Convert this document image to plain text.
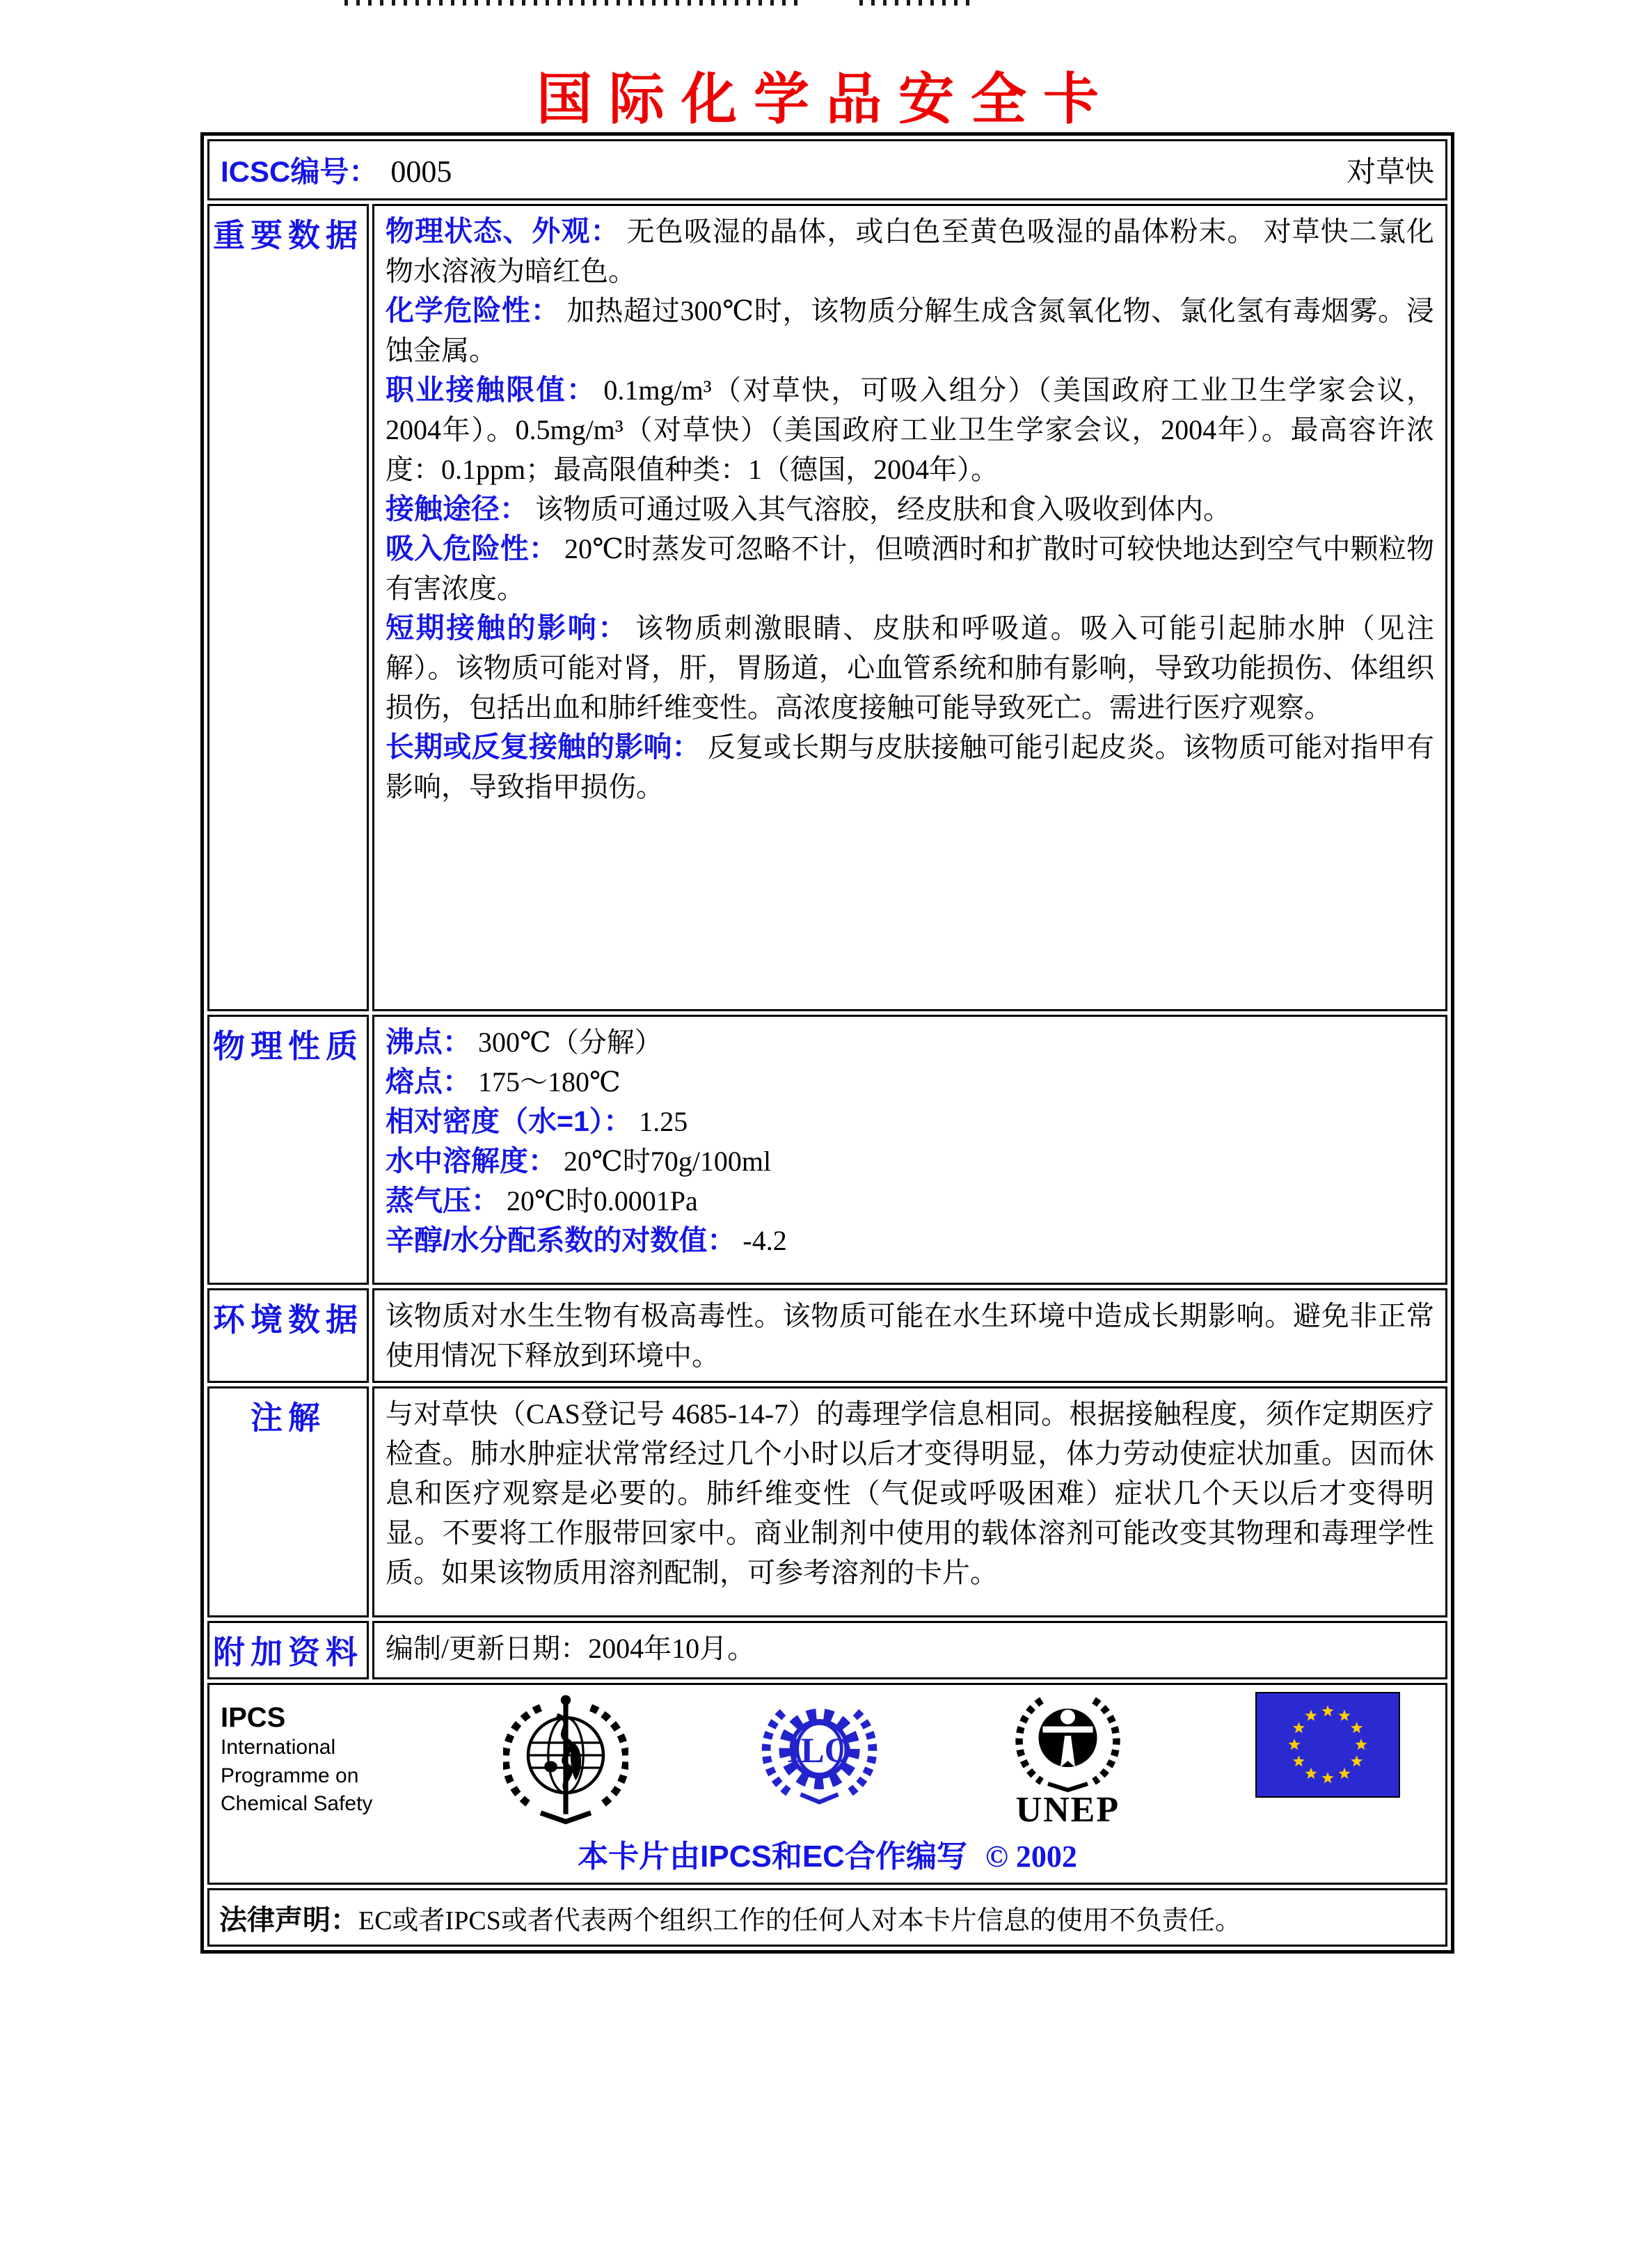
国际化学品安全卡
ICSC编号： 0005 对草快	

重要数据	物理状态、外观： 无色吸湿的晶体，或白色至黄色吸湿的晶体粉末。 对草快二氯化物水溶液为暗红色。

化学危险性： 加热超过300℃时，该物质分解生成含氮氧化物、氯化氢有毒烟雾。浸蚀金属。

职业接触限值： 0.1mg/m³（对草快，可吸入组分）（美国政府工业卫生学家会议，2004年）。0.5mg/m³（对草快）（美国政府工业卫生学家会议，2004年）。最高容许浓度：0.1ppm；最高限值种类：1（德国，2004年）。

接触途径： 该物质可通过吸入其气溶胶，经皮肤和食入吸收到体内。

吸入危险性： 20℃时蒸发可忽略不计，但喷洒时和扩散时可较快地达到空气中颗粒物有害浓度。

短期接触的影响： 该物质刺激眼睛、皮肤和呼吸道。吸入可能引起肺水肿（见注解）。该物质可能对肾，肝，胃肠道，心血管系统和肺有影响，导致功能损伤、体组织损伤，包括出血和肺纤维变性。高浓度接触可能导致死亡。需进行医疗观察。

长期或反复接触的影响： 反复或长期与皮肤接触可能引起皮炎。该物质可能对指甲有影响，导致指甲损伤。

物理性质	沸点： 300℃（分解）

熔点： 175～180℃

相对密度（水=1）： 1.25

水中溶解度： 20℃时70g/100ml

蒸气压： 20℃时0.0001Pa

辛醇/水分配系数的对数值： -4.2

环境数据	该物质对水生生物有极高毒性。该物质可能在水生环境中造成长期影响。避免非正常使用情况下释放到环境中。

注解	与对草快（CAS登记号 4685-14-7）的毒理学信息相同。根据接触程度，须作定期医疗检查。肺水肿症状常常经过几个小时以后才变得明显，体力劳动使症状加重。因而休息和医疗观察是必要的。肺纤维变性（气促或呼吸困难）症状几个天以后才变得明显。不要将工作服带回家中。商业制剂中使用的载体溶剂可能改变其物理和毒理学性质。如果该物质用溶剂配制，可参考溶剂的卡片。

附加资料	编制/更新日期：2004年10月。

IPCS
International
Programme on
Chemical Safety
ILO
UNEP
本卡片由IPCS和EC合作编写 © 2002

法律声明：EC或者IPCS或者代表两个组织工作的任何人对本卡片信息的使用不负责任。	
